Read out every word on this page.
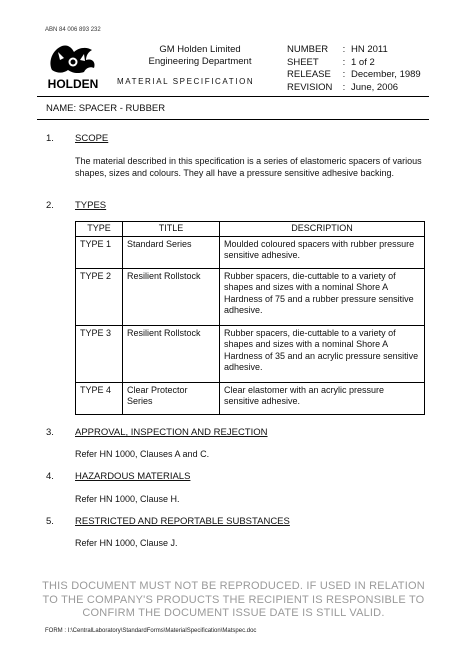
ABN 84 006 893 232
HOLDEN
GM Holden Limited
Engineering Department
MATERIAL SPECIFICATION
NUMBER	:	HN 2011
SHEET	:	1 of 2
RELEASE	:	December, 1989
REVISION	:	June, 2006
NAME: SPACER - RUBBER
1. SCOPE
The material described in this specification is a series of elastomeric spacers of various shapes, sizes and colours. They all have a pressure sensitive adhesive backing.
2. TYPES
TYPE	TITLE	DESCRIPTION
TYPE 1	Standard Series	Moulded coloured spacers with rubber pressure sensitive adhesive.
TYPE 2	Resilient Rollstock	Rubber spacers, die-cuttable to a variety of shapes and sizes with a nominal Shore A Hardness of 75 and a rubber pressure sensitive adhesive.
TYPE 3	Resilient Rollstock	Rubber spacers, die-cuttable to a variety of shapes and sizes with a nominal Shore A Hardness of 35 and an acrylic pressure sensitive adhesive.
TYPE 4	Clear Protector Series	Clear elastomer with an acrylic pressure sensitive adhesive.
3. APPROVAL, INSPECTION AND REJECTION
Refer HN 1000, Clauses A and C.
4. HAZARDOUS MATERIALS
Refer HN 1000, Clause H.
5. RESTRICTED AND REPORTABLE SUBSTANCES
Refer HN 1000, Clause J.
THIS DOCUMENT MUST NOT BE REPRODUCED. IF USED IN RELATION
TO THE COMPANY'S PRODUCTS THE RECIPIENT IS RESPONSIBLE TO
CONFIRM THE DOCUMENT ISSUE DATE IS STILL VALID.
FORM : I:\CentralLaboratory\StandardForms\MaterialSpecification\Matspec.doc
